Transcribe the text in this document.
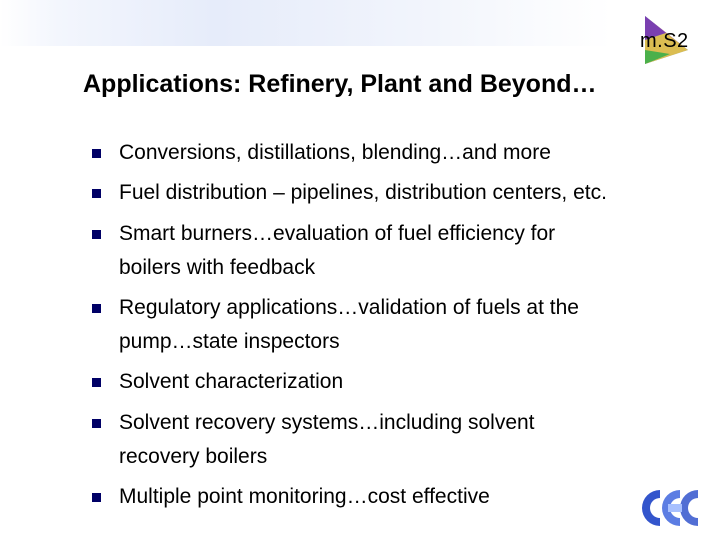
m.S2
Applications: Refinery, Plant and Beyond…
Conversions, distillations, blending…and more
Fuel distribution – pipelines, distribution centers, etc.
Smart burners…evaluation of fuel efficiency for
boilers with feedback
Regulatory applications…validation of fuels at the
pump…state inspectors
Solvent characterization
Solvent recovery systems…including solvent
recovery boilers
Multiple point monitoring…cost effective
